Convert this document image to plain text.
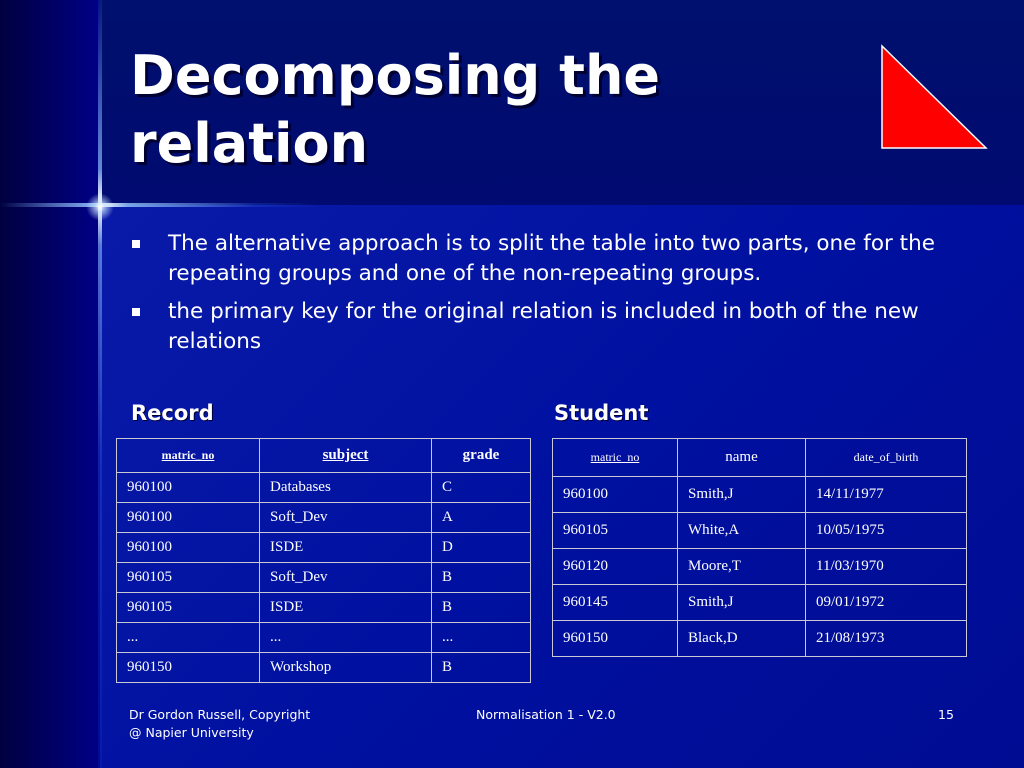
Decomposing the
relation
The alternative approach is to split the table into two parts, one for the repeating groups and one of the non-repeating groups.
the primary key for the original relation is included in both of the new relations
Record	Student
matric_no	subject	grade
960100	Databases	C
960100	Soft_Dev	A
960100	ISDE	D
960105	Soft_Dev	B
960105	ISDE	B
...	...	...
960150	Workshop	B
matric_no	name	date_of_birth
960100	Smith,J	14/11/1977
960105	White,A	10/05/1975
960120	Moore,T	11/03/1970
960145	Smith,J	09/01/1972
960150	Black,D	21/08/1973
Dr Gordon Russell, Copyright
@ Napier University
Normalisation 1 - V2.0	15
